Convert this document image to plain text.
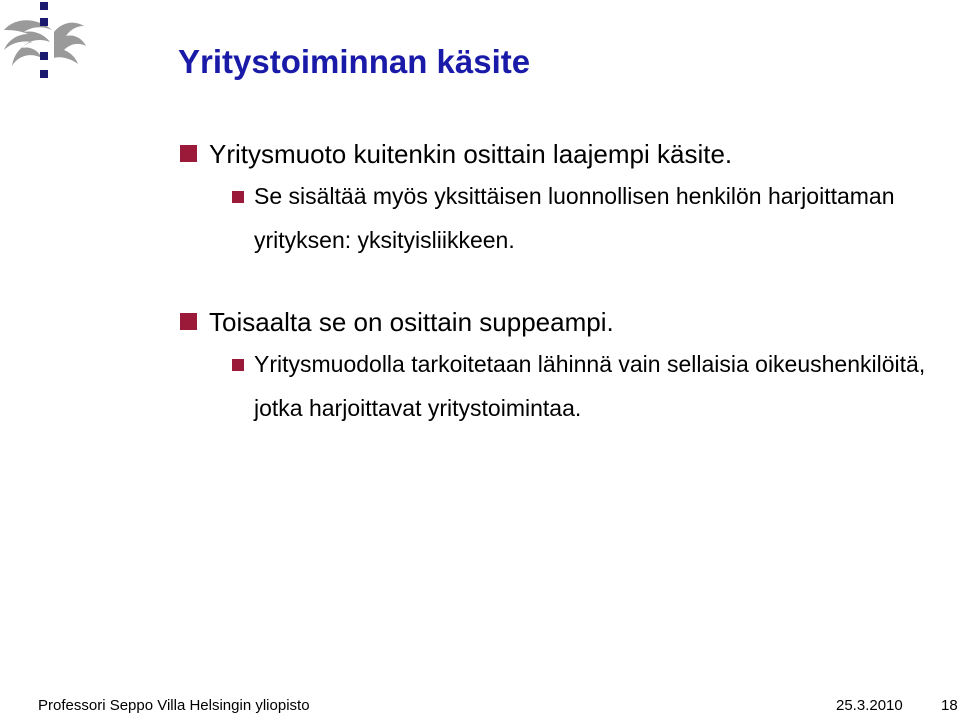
Yritystoiminnan käsite
Yritysmuoto kuitenkin osittain laajempi käsite.
Se sisältää myös yksittäisen luonnollisen henkilön harjoittaman yrityksen: yksityisliikkeen.
Toisaalta se on osittain suppeampi.
Yritysmuodolla tarkoitetaan lähinnä vain sellaisia oikeushenkilöitä, jotka harjoittavat yritystoimintaa.
Professori Seppo Villa Helsingin yliopisto	25.3.2010	18
